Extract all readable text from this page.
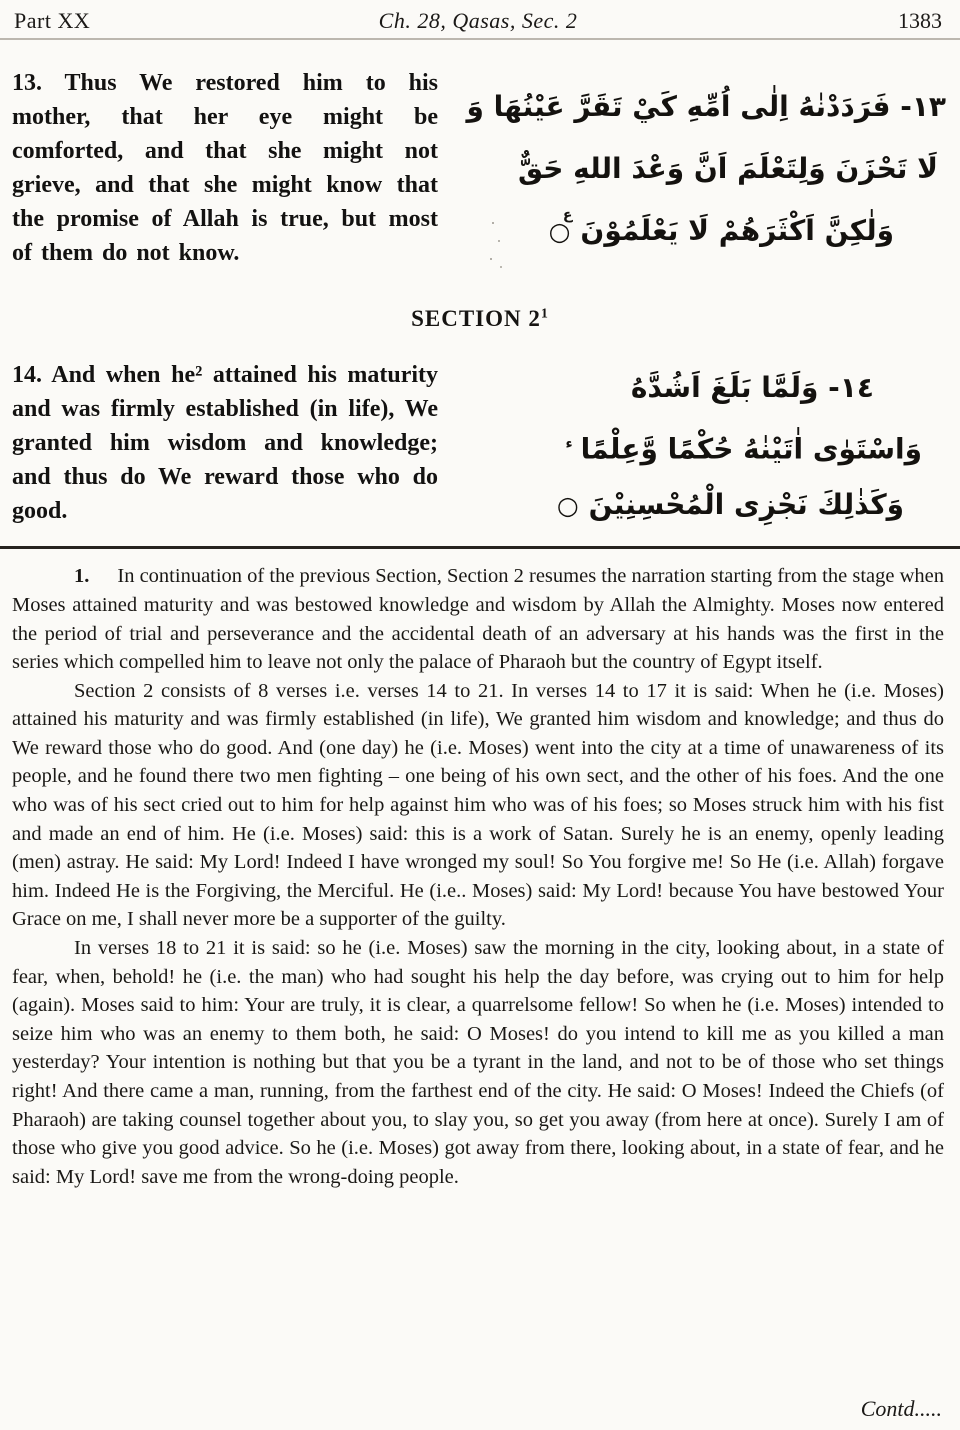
Part XX	Ch. 28, Qasas, Sec. 2	1383
13. Thus We restored him to his mother, that her eye might be comforted, and that she might not grieve, and that she might know that the promise of Allah is true, but most of them do not know.
١٣- فَرَدَدْنٰهُ اِلٰى اُمِّهِ كَيْ تَقَرَّ عَيْنُهَا وَ
لَا تَحْزَنَ وَلِتَعْلَمَ اَنَّ وَعْدَ اللهِ حَقٌّ
وَلٰكِنَّ اَكْثَرَهُمْ لَا يَعْلَمُوْنَ
ع
○
SECTION $2^1$
14. And when he² attained his maturity and was firmly established (in life), We granted him wisdom and knowledge; and thus do We reward those who do good.
١٤- وَلَمَّا بَلَغَ اَشُدَّهُ
وَاسْتَوٰى اٰتَيْنٰهُ حُكْمًا وَّعِلْمًا$^ء$
وَكَذٰلِكَ نَجْزِى الْمُحْسِنِيْنَ○

1. In continuation of the previous Section, Section 2 resumes the narration starting from the stage when Moses attained maturity and was bestowed knowledge and wisdom by Allah the Almighty. Moses now entered the period of trial and perseverance and the accidental death of an adversary at his hands was the first in the series which compelled him to leave not only the palace of Pharaoh but the country of Egypt itself.

Section 2 consists of 8 verses i.e. verses 14 to 21. In verses 14 to 17 it is said: When he (i.e. Moses) attained his maturity and was firmly established (in life), We granted him wisdom and knowledge; and thus do We reward those who do good. And (one day) he (i.e. Moses) went into the city at a time of unawareness of its people, and he found there two men fighting – one being of his own sect, and the other of his foes. And the one who was of his sect cried out to him for help against him who was of his foes; so Moses struck him with his fist and made an end of him. He (i.e. Moses) said: this is a work of Satan. Surely he is an enemy, openly leading (men) astray. He said: My Lord! Indeed I have wronged my soul! So You forgive me! So He (i.e. Allah) forgave him. Indeed He is the Forgiving, the Merciful. He (i.e.. Moses) said: My Lord! because You have bestowed Your Grace on me, I shall never more be a supporter of the guilty.

In verses 18 to 21 it is said: so he (i.e. Moses) saw the morning in the city, looking about, in a state of fear, when, behold! he (i.e. the man) who had sought his help the day before, was crying out to him for help (again). Moses said to him: Your are truly, it is clear, a quarrelsome fellow! So when he (i.e. Moses) intended to seize him who was an enemy to them both, he said: O Moses! do you intend to kill me as you killed a man yesterday? Your intention is nothing but that you be a tyrant in the land, and not to be of those who set things right! And there came a man, running, from the farthest end of the city. He said: O Moses! Indeed the Chiefs (of Pharaoh) are taking counsel together about you, to slay you, so get you away (from here at once). Surely I am of those who give you good advice. So he (i.e. Moses) got away from there, looking about, in a state of fear, and he said: My Lord! save me from the wrong-doing people.

Contd.....
